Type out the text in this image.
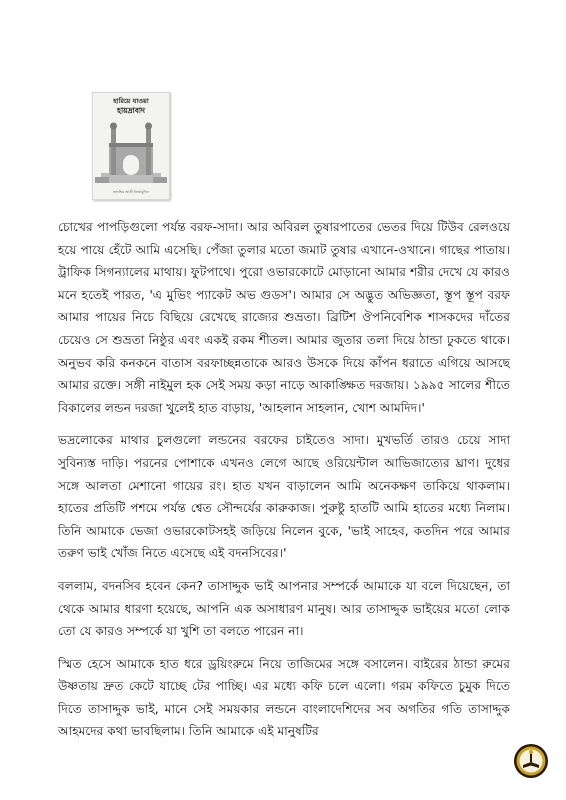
হারিয়ে যাওয়া
হায়দ্রাবাদ
তানভির আলী নিজামুদ্দিন

চোখের পাপড়িগুলো পর্যন্ত বরফ-সাদা। আর অবিরল তুষারপাতের ভেতর দিয়ে টিউব রেলওয়ে হয়ে পায়ে হেঁটে আমি এসেছি। পেঁজা তুলার মতো জমাট তুষার এখানে-ওখানে। গাছের পাতায়। ট্রাফিক সিগন্যালের মাথায়। ফুটপাথে। পুরো ওভারকোটে মোড়ানো আমার শরীর দেখে যে কারও মনে হতেই পারত, 'এ মুভিং প্যাকেট অভ গুডস'। আমার সে অদ্ভুত অভিজ্ঞতা, স্তূপ স্তূপ বরফ আমার পায়ের নিচে বিছিয়ে রেখেছে রাজ্যের শুভ্রতা। ব্রিটিশ ঔপনিবেশিক শাসকদের দাঁতের চেয়েও সে শুভ্রতা নিষ্ঠুর এবং একই রকম শীতল। আমার জুতার তলা দিয়ে ঠান্ডা ঢুকতে থাকে। অনুভব করি কনকনে বাতাস বরফাচ্ছন্নতাকে আরও উসকে দিয়ে কাঁপন ধরাতে এগিয়ে আসছে আমার রক্তে। সঙ্গী নাইমুল হক সেই সময় কড়া নাড়ে আকাঙ্ক্ষিত দরজায়। ১৯৯৫ সালের শীতে বিকালের লন্ডন দরজা খুলেই হাত বাড়ায়, 'আহলান সাহলান, খোশ আমদিদ।'

ভদ্রলোকের মাথার চুলগুলো লন্ডনের বরফের চাইতেও সাদা। মুখভর্তি তারও চেয়ে সাদা সুবিন্যস্ত দাড়ি। পরনের পোশাকে এখনও লেগে আছে ওরিয়েন্টাল আভিজাত্যের ঘ্রাণ। দুধের সঙ্গে আলতা মেশানো গায়ের রং। হাত যখন বাড়ালেন আমি অনেকক্ষণ তাকিয়ে থাকলাম। হাতের প্রতিটি পশমে পর্যন্ত শ্বেত সৌন্দর্যের কারুকাজ। পুরুষ্টু হাতটি আমি হাতের মধ্যে নিলাম। তিনি আমাকে ভেজা ওভারকোটসহই জড়িয়ে নিলেন বুকে, 'ভাই সাহেব, কতদিন পরে আমার তরুণ ভাই খোঁজ নিতে এসেছে এই বদনসিবের।'

বললাম, বদনসিব হবেন কেন? তাসাদ্দুক ভাই আপনার সম্পর্কে আমাকে যা বলে দিয়েছেন, তা থেকে আমার ধারণা হয়েছে, আপনি এক অসাধারণ মানুষ। আর তাসাদ্দুক ভাইয়ের মতো লোক তো যে কারও সম্পর্কে যা খুশি তা বলতে পারেন না।

স্মিত হেসে আমাকে হাত ধরে ড্রয়িংরুমে নিয়ে তাজিমের সঙ্গে বসালেন। বাইরের ঠান্ডা রুমের উষ্ণতায় দ্রুত কেটে যাচ্ছে টের পাচ্ছি। এর মধ্যে কফি চলে এলো। গরম কফিতে চুমুক দিতে দিতে তাসাদ্দুক ভাই, মানে সেই সময়কার লন্ডনে বাংলাদেশিদের সব অগতির গতি তাসাদ্দুক আহমদের কথা ভাবছিলাম। তিনি আমাকে এই মানুষটির
